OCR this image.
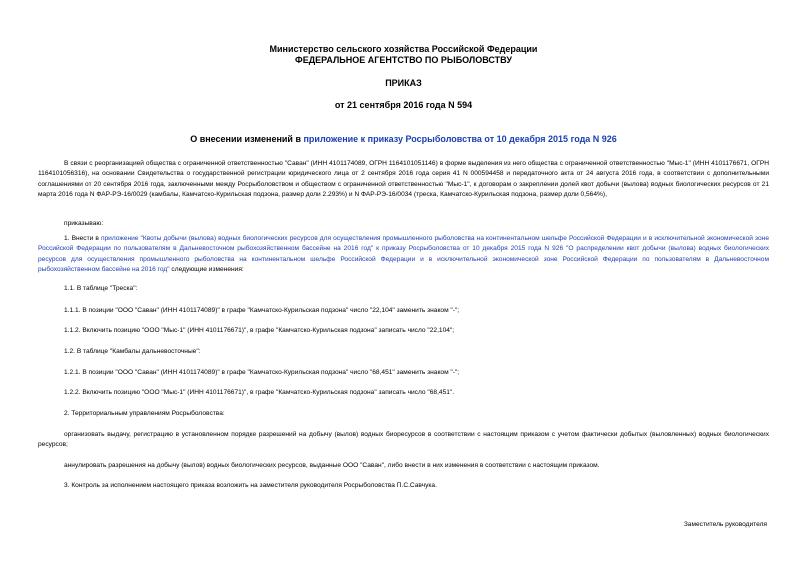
Министерство сельского хозяйства Российской Федерации
ФЕДЕРАЛЬНОЕ АГЕНТСТВО ПО РЫБОЛОВСТВУ
ПРИКАЗ
от 21 сентября 2016 года N 594
О внесении изменений в приложение к приказу Росрыболовства от 10 декабря 2015 года N 926
В связи с реорганизацией общества с ограниченной ответственностью "Саван" (ИНН 4101174089, ОГРН 1164101051146) в форме выделения из него общества с ограниченной ответственностью "Мыс-1" (ИНН 4101176671, ОГРН 1164101056316), на основании Свидетельства о государственной регистрации юридического лица от 2 сентября 2016 года серия 41 N 000594458 и передаточного акта от 24 августа 2016 года, в соответствии с дополнительными соглашениями от 20 сентября 2016 года, заключенными между Росрыболовством и обществом с ограниченной ответственностью "Мыс-1", к договорам о закреплении долей квот добычи (вылова) водных биологических ресурсов от 21 марта 2016 года N ФАР-РЭ-16/0029 (камбалы, Камчатско-Курильская подзона, размер доли 2.293%) и N ФАР-РЭ-16/0034 (треска, Камчатско-Курильская подзона, размер доли 0,564%),
приказываю:
1. Внести в приложение "Квоты добычи (вылова) водных биологических ресурсов для осуществления промышленного рыболовства на континентальном шельфе Российской Федерации и в исключительной экономической зоне Российской Федерации по пользователям в Дальневосточном рыбохозяйственном бассейне на 2016 год" к приказу Росрыболовства от 10 декабря 2015 года N 926 "О распределении квот добычи (вылова) водных биологических ресурсов для осуществления промышленного рыболовства на континентальном шельфе Российской Федерации и в исключительной экономической зоне Российской Федерации по пользователям в Дальневосточном рыбохозяйственном бассейне на 2016 год" следующие изменения:
1.1. В таблице "Треска":
1.1.1. В позиции "ООО "Саван" (ИНН 4101174089)" в графе "Камчатско-Курильская подзона" число "22,104" заменить знаком "-";
1.1.2. Включить позицию "ООО "Мыс-1" (ИНН 4101176671)", в графе "Камчатско-Курильская подзона" записать число "22,104";
1.2. В таблице "Камбалы дальневосточные":
1.2.1. В позиции "ООО "Саван" (ИНН 4101174089)" в графе "Камчатско-Курильская подзона" число "68,451" заменить знаком "-";
1.2.2. Включить позицию "ООО "Мыс-1" (ИНН 4101176671)", в графе "Камчатско-Курильская подзона" записать число "68,451".
2. Территориальным управлениям Росрыболовства:
организовать выдачу, регистрацию в установленном порядке разрешений на добычу (вылов) водных биоресурсов в соответствии с настоящим приказом с учетом фактически добытых (выловленных) водных биологических ресурсов;
аннулировать разрешения на добычу (вылов) водных биологических ресурсов, выданные ООО "Саван", либо внести в них изменения в соответствии с настоящим приказом.
3. Контроль за исполнением настоящего приказа возложить на заместителя руководителя Росрыболовства П.С.Савчука.
Заместитель руководителя
